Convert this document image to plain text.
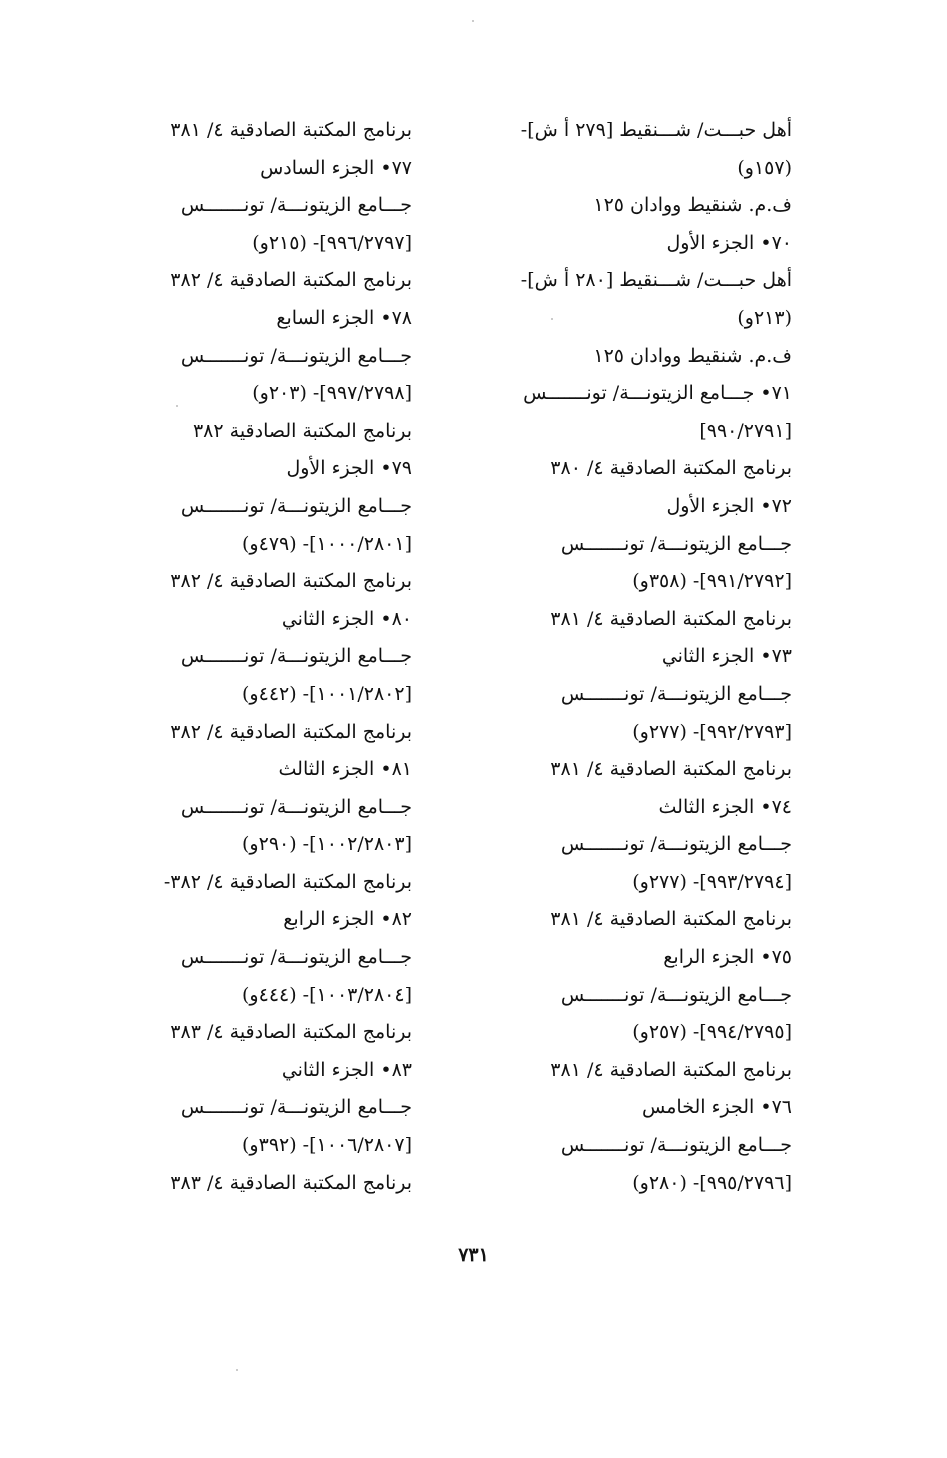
أهل حبـــت/ شـــنقيط [٢٧٩ أ ش]-
(١٥٧و)
ف.م. شنقيط ووادان ١٢٥
٧٠• الجزء الأول
أهل حبـــت/ شـــنقيط [٢٨٠ أ ش]-
(٢١٣و)
ف.م. شنقيط ووادان ١٢٥
٧١• جـــامع الزيتونـــة/ تونـــــــس
[٩٩٠/٢٧٩١]
برنامج المكتبة الصادقية ٤/ ٣٨٠
٧٢• الجزء الأول
جـــامع الزيتونـــة/ تونـــــــس
[٩٩١/٢٧٩٢]- (٣٥٨و)
برنامج المكتبة الصادقية ٤/ ٣٨١
٧٣• الجزء الثاني
جـــامع الزيتونـــة/ تونـــــــس
[٩٩٢/٢٧٩٣]- (٢٧٧و)
برنامج المكتبة الصادقية ٤/ ٣٨١
٧٤• الجزء الثالث
جـــامع الزيتونـــة/ تونـــــــس
[٩٩٣/٢٧٩٤]- (٢٧٧و)
برنامج المكتبة الصادقية ٤/ ٣٨١
٧٥• الجزء الرابع
جـــامع الزيتونـــة/ تونـــــــس
[٩٩٤/٢٧٩٥]- (٢٥٧و)
برنامج المكتبة الصادقية ٤/ ٣٨١
٧٦• الجزء الخامس
جـــامع الزيتونـــة/ تونـــــــس
[٩٩٥/٢٧٩٦]- (٢٨٠و)
برنامج المكتبة الصادقية ٤/ ٣٨١
٧٧• الجزء السادس
جـــامع الزيتونـــة/ تونـــــــس
[٩٩٦/٢٧٩٧]- (٢١٥و)
برنامج المكتبة الصادقية ٤/ ٣٨٢
٧٨• الجزء السابع
جـــامع الزيتونـــة/ تونـــــــس
[٩٩٧/٢٧٩٨]- (٢٠٣و)
برنامج المكتبة الصادقية ٣٨٢
٧٩• الجزء الأول
جـــامع الزيتونـــة/ تونـــــــس
[١٠٠٠/٢٨٠١]- (٤٧٩و)
برنامج المكتبة الصادقية ٤/ ٣٨٢
٨٠• الجزء الثاني
جـــامع الزيتونـــة/ تونـــــــس
[١٠٠١/٢٨٠٢]- (٤٤٢و)
برنامج المكتبة الصادقية ٤/ ٣٨٢
٨١• الجزء الثالث
جـــامع الزيتونـــة/ تونـــــــس
[١٠٠٢/٢٨٠٣]- (٢٩٠و)
برنامج المكتبة الصادقية ٤/ ٣٨٢-
٨٢• الجزء الرابع
جـــامع الزيتونـــة/ تونـــــــس
[١٠٠٣/٢٨٠٤]- (٤٤٤و)
برنامج المكتبة الصادقية ٤/ ٣٨٣
٨٣• الجزء الثاني
جـــامع الزيتونـــة/ تونـــــــس
[١٠٠٦/٢٨٠٧]- (٣٩٢و)
برنامج المكتبة الصادقية ٤/ ٣٨٣
٧٣١
